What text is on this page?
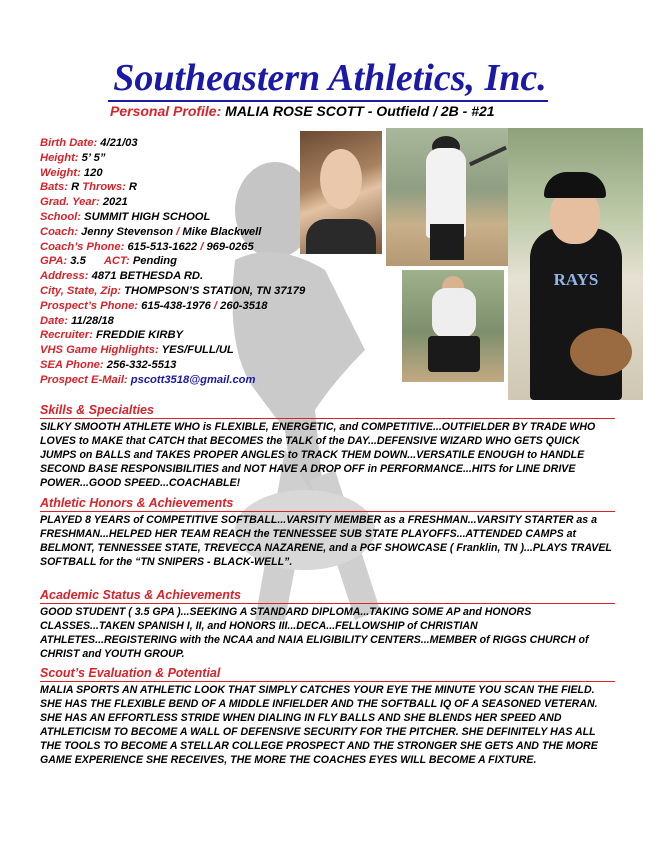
Southeastern Athletics, Inc.
Personal Profile: MALIA ROSE SCOTT - Outfield / 2B - #21
Birth Date: 4/21/03
Height: 5’ 5”
Weight: 120
Bats: R Throws: R
Grad. Year: 2021
School: SUMMIT HIGH SCHOOL
Coach: Jenny Stevenson / Mike Blackwell
Coach’s Phone: 615-513-1622 / 969-0265
GPA: 3.5 ACT: Pending
Address: 4871 BETHESDA RD.
City, State, Zip: THOMPSON’S STATION, TN 37179
Prospect’s Phone: 615-438-1976 / 260-3518
Date: 11/28/18
Recruiter: FREDDIE KIRBY
VHS Game Highlights: YES/FULL/UL
SEA Phone: 256-332-5513
Prospect E-Mail: pscott3518@gmail.com
RAYS
Skills & Specialties
SILKY SMOOTH ATHLETE WHO is FLEXIBLE, ENERGETIC, and COMPETITIVE...OUTFIELDER BY TRADE WHO LOVES to MAKE that CATCH that BECOMES the TALK of the DAY...DEFENSIVE WIZARD WHO GETS QUICK JUMPS on BALLS and TAKES PROPER ANGLES to TRACK THEM DOWN...VERSATILE ENOUGH to HANDLE SECOND BASE RESPONSIBILITIES and NOT HAVE A DROP OFF in PERFORMANCE...HITS for LINE DRIVE POWER...GOOD SPEED...COACHABLE!
Athletic Honors & Achievements
PLAYED 8 YEARS of COMPETITIVE SOFTBALL...VARSITY MEMBER as a FRESHMAN...VARSITY STARTER as a FRESHMAN...HELPED HER TEAM REACH the TENNESSEE SUB STATE PLAYOFFS...ATTENDED CAMPS at BELMONT, TENNESSEE STATE, TREVECCA NAZARENE, and a PGF SHOWCASE ( Franklin, TN )...PLAYS TRAVEL SOFTBALL for the “TN SNIPERS - BLACK-WELL”.
Academic Status & Achievements
GOOD STUDENT ( 3.5 GPA )...SEEKING A STANDARD DIPLOMA...TAKING SOME AP and HONORS CLASSES...TAKEN SPANISH I, II, and HONORS III...DECA...FELLOWSHIP of CHRISTIAN ATHLETES...REGISTERING with the NCAA and NAIA ELIGIBILITY CENTERS...MEMBER of RIGGS CHURCH of CHRIST and YOUTH GROUP.
Scout’s Evaluation & Potential
MALIA SPORTS AN ATHLETIC LOOK THAT SIMPLY CATCHES YOUR EYE THE MINUTE YOU SCAN THE FIELD. SHE HAS THE FLEXIBLE BEND OF A MIDDLE INFIELDER AND THE SOFTBALL IQ OF A SEASONED VETERAN. SHE HAS AN EFFORTLESS STRIDE WHEN DIALING IN FLY BALLS AND SHE BLENDS HER SPEED AND ATHLETICISM TO BECOME A WALL OF DEFENSIVE SECURITY FOR THE PITCHER. SHE DEFINITELY HAS ALL THE TOOLS TO BECOME A STELLAR COLLEGE PROSPECT AND THE STRONGER SHE GETS AND THE MORE GAME EXPERIENCE SHE RECEIVES, THE MORE THE COACHES EYES WILL BECOME A FIXTURE.
